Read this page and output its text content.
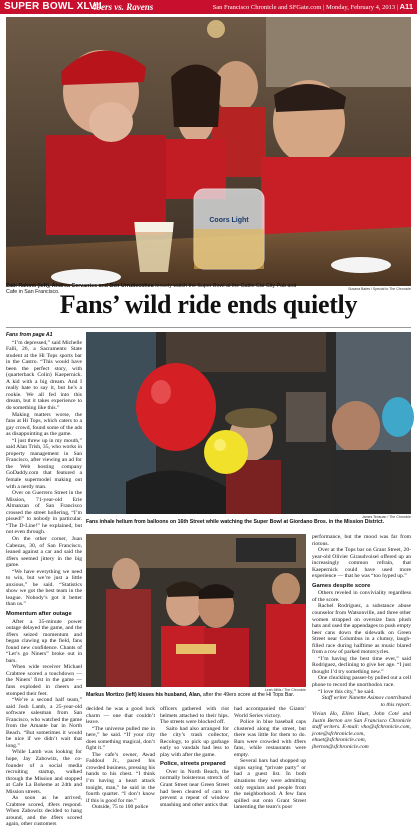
SUPER BOWL XLVII
49ers vs. Ravens	San Francisco Chronicle and SFGate.com | Monday, February 4, 2013 | A11
Coors Light
Susana Bates / Special to The Chronicle
Zabi Rahimi (left), Andrea Cervantes and Ben Urrutiecohea tensely watch the Super Bowl at the Cable Car City Pub and Cafe in San Francisco. Fans’ wild ride ends quietly

Fans from page A1

“I’m depressed,” said Michelle Falli, 26, a Sacramento State student at the Hi Tops sports bar in the Castro. “This would have been the perfect story, with (quarterback Colin) Kaepernick. A kid with a big dream. And I really hate to say it, but he’s a rookie. We all fed into this dream, but it takes experience to do something like this.”

Making matters worse, the fans at Hi Tops, which caters to a gay crowd, found some of the ads as disappointing as the game.

“I just threw up in my mouth,” said Alan Trish, 35, who works in property management in San Francisco, after viewing an ad for the Web hosting company GoDaddy.com that featured a female supermodel making out with a nerdy man.

Over on Guerrero Street in the Mission, 71-year-old Erie Almanzan of San Francisco crossed the street hollering, “I’m pissed!” to nobody in particular. “The D-Line!” he explained, but not even through.

On the other corner, Juan Cabezas, 30, of San Francisco, leaned against a car and said the 49ers seemed jittery in the big game.

“We have everything we need to win, but we’re just a little anxious,” he said. “Statistics show we got the best team in the league. Nobody’s got it better than us.”

Momentum after outage

After a 35-minute power outage delayed the game, and the 49ers seized momentum and began clawing up the field, fans found new confidence. Chants of “Let’s go Niners” broke out in bars.

When wide receiver Michael Crabtree scored a touchdown — the Niners’ first in the game — fans exploded in cheers and stomped their feet.

“We’re a second half team,” said Josh Lamb, a 25-year-old software salesman from San Francisco, who watched the game from the Amante bar in North Beach. “But sometimes it would be nice if we didn’t wait that long.”

While Lamb was looking for hope, Jay Zabowitz, the co-founder of a social media recruiting startup, walked through the Mission and stopped at Cafe La Boheme at 24th and Mission streets.

As soon as he arrived, Crabtree scored, 49ers respond. When Zabowitz decided to hang around, and the 49ers scored again, other customers

James Tensuan / The Chronicle
Fans inhale helium from balloons on 16th Street while watching the Super Bowl at Giordano Bros. in the Mission District.
Leah Millis / The Chronicle
Markus Mortizo (left) kisses his husband, Alan, after the 49ers score at the Hi Tops Bar.

decided he was a good luck charm — one that couldn’t leave.

“The universe pulled me in here,” he said. “If your city does something magical, don’t fight it.”

The cafe’s owner, Awad Faddoul Jr., paced his crowded business, pressing his hands to his chest. “I think I’m having a heart attack tonight, man,” he said in the fourth quarter. “I don’t know if this is good for me.”

Outside, 75 to 100 police

officers gathered with riot helmets attached to their hips. The streets were blocked off.

Saito had also arranged for the city’s trash collector, Recology, to pick up garbage early so vandals had less to play with after the game.

Police, streets prepared

Over in North Beach, the normally boisterous stretch of Grant Street near Green Street had been cleared of cars to prevent a repeat of window smashing and other antics that

had accompanied the Giants’ World Series victory.

Police in blue baseball caps clustered along the street, but there was little for them to do. Bars were crowded with 49ers fans, while restaurants were empty.

Several bars had shopped up signs saying “private party” or had a guest list. In both situations they were admitting only regulars and people from the neighborhood. A few fans spilled out onto Grant Street lamenting the team’s poor

performance, but the mood was far from riotous.

Over at the Tops bar on Grant Street, 20-year-old Olivier Giraudvoisel offered up an increasingly common refrain, that Kaepernick could have used more experience — that he was “too hyped up.”

Games despite score

Others reveled in conviviality regardless of the score.

Rachel Rodriguez, a substance abuse counselor from Watsonville, and three other women strapped on oversize faux plush hats and used the appendages to push empty beer cans down the sidewalk on Green Street near Columbus in a clumsy, laugh-filled race during halftime as music blared from a row of parked motorcycles.

“I’m having the best time ever,” said Rodriguez, declining to give her age. “I just thought I’d try something new.”

One chuckling passer-by pulled out a cell phone to record the unorthodox race.

“I love this city,” he said.

Staff writer Nanette Asimov contributed to this report.

Vivian Ho, Ellen Huet, John Coté and Justin Berton are San Francisco Chronicle staff writers. E-mail: vho@sfchronicle.com, jcote@sfchronicle.com, ehuet@sfchronicle.com, jberton@sfchronicle.com
